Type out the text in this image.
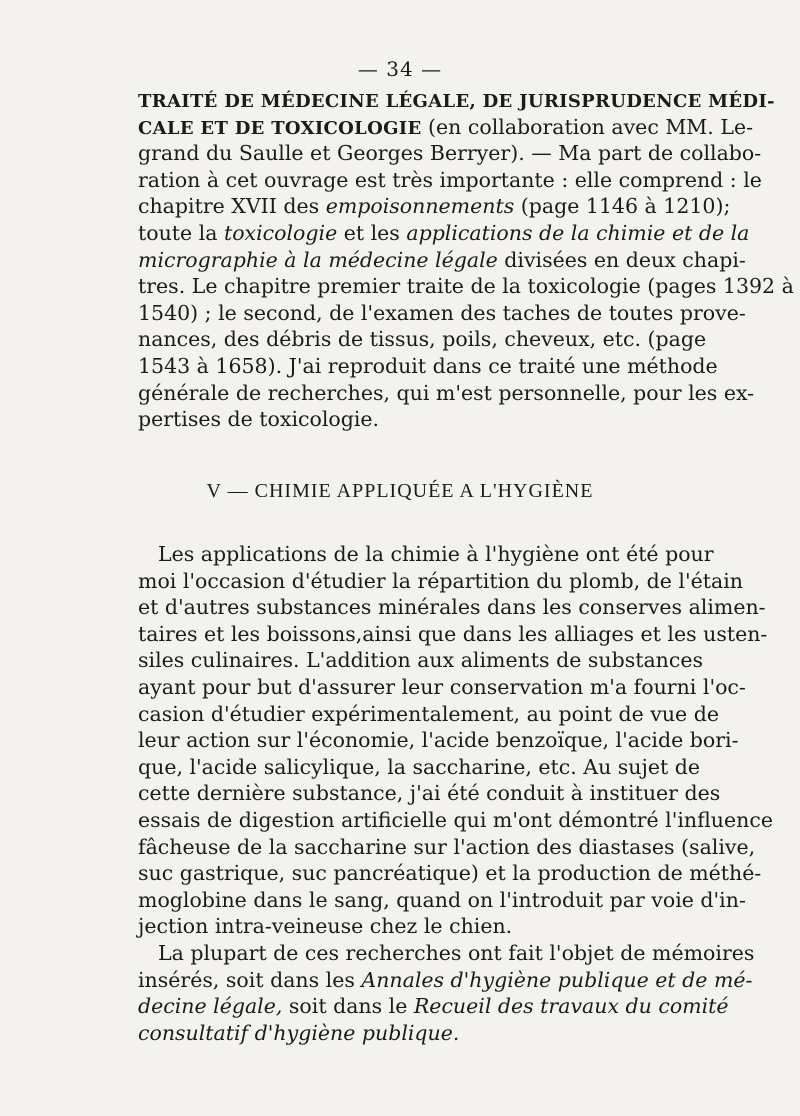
— 34 —
TRAITÉ DE MÉDECINE LÉGALE, DE JURISPRUDENCE MÉDI-
CALE ET DE TOXICOLOGIE (en collaboration avec MM. Le-
grand du Saulle et Georges Berryer). — Ma part de collabo-
ration à cet ouvrage est très importante : elle comprend : le
chapitre XVII des empoisonnements (page 1146 à 1210);
toute la toxicologie et les applications de la chimie et de la
micrographie à la médecine légale divisées en deux chapi-
tres. Le chapitre premier traite de la toxicologie (pages 1392 à
1540) ; le second, de l'examen des taches de toutes prove-
nances, des débris de tissus, poils, cheveux, etc. (page
1543 à 1658). J'ai reproduit dans ce traité une méthode
générale de recherches, qui m'est personnelle, pour les ex-
pertises de toxicologie.
V — CHIMIE APPLIQUÉE A L'HYGIÈNE
Les applications de la chimie à l'hygiène ont été pour
moi l'occasion d'étudier la répartition du plomb, de l'étain
et d'autres substances minérales dans les conserves alimen-
taires et les boissons,ainsi que dans les alliages et les usten-
siles culinaires. L'addition aux aliments de substances
ayant pour but d'assurer leur conservation m'a fourni l'oc-
casion d'étudier expérimentalement, au point de vue de
leur action sur l'économie, l'acide benzoïque, l'acide bori-
que, l'acide salicylique, la saccharine, etc. Au sujet de
cette dernière substance, j'ai été conduit à instituer des
essais de digestion artificielle qui m'ont démontré l'influence
fâcheuse de la saccharine sur l'action des diastases (salive,
suc gastrique, suc pancréatique) et la production de méthé-
moglobine dans le sang, quand on l'introduit par voie d'in-
jection intra-veineuse chez le chien.
La plupart de ces recherches ont fait l'objet de mémoires
insérés, soit dans les Annales d'hygiène publique et de mé-
decine légale, soit dans le Recueil des travaux du comité
consultatif d'hygiène publique.
